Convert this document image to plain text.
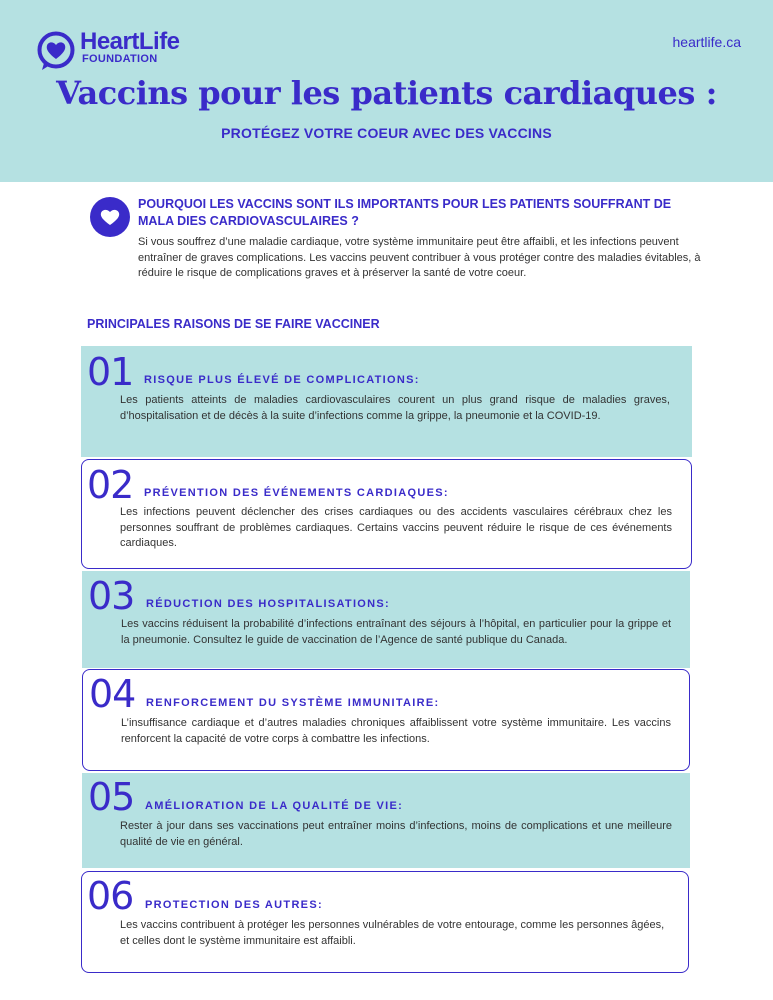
HeartLife
FOUNDATION
heartlife.ca
Vaccins pour les patients cardiaques :
PROTÉGEZ VOTRE COEUR AVEC DES VACCINS
POURQUOI LES VACCINS SONT ILS IMPORTANTS POUR LES PATIENTS SOUFFRANT DE MALA DIES CARDIOVASCULAIRES ?
Si vous souffrez d’une maladie cardiaque, votre système immunitaire peut être affaibli, et les infections peuvent entraîner de graves complications. Les vaccins peuvent contribuer à vous protéger contre des maladies évitables, à réduire le risque de complications graves et à préserver la santé de votre coeur.
PRINCIPALES RAISONS DE SE FAIRE VACCINER
01 RISQUE PLUS ÉLEVÉ DE COMPLICATIONS:
Les patients atteints de maladies cardiovasculaires courent un plus grand risque de maladies graves, d’hospitalisation et de décès à la suite d’infections comme la grippe, la pneumonie et la COVID-19.
02 PRÉVENTION DES ÉVÉNEMENTS CARDIAQUES:
Les infections peuvent déclencher des crises cardiaques ou des accidents vasculaires cérébraux chez les personnes souffrant de problèmes cardiaques. Certains vaccins peuvent réduire le risque de ces événements cardiaques.
03 RÉDUCTION DES HOSPITALISATIONS:
Les vaccins réduisent la probabilité d’infections entraînant des séjours à l’hôpital, en particulier pour la grippe et la pneumonie. Consultez le guide de vaccination de l’Agence de santé publique du Canada.
04 RENFORCEMENT DU SYSTÈME IMMUNITAIRE:
L’insuffisance cardiaque et d’autres maladies chroniques affaiblissent votre système immunitaire. Les vaccins renforcent la capacité de votre corps à combattre les infections.
05 AMÉLIORATION DE LA QUALITÉ DE VIE:
Rester à jour dans ses vaccinations peut entraîner moins d’infections, moins de complications et une meilleure qualité de vie en général.
06 PROTECTION DES AUTRES:
Les vaccins contribuent à protéger les personnes vulnérables de votre entourage, comme les personnes âgées, et celles dont le système immunitaire est affaibli.
